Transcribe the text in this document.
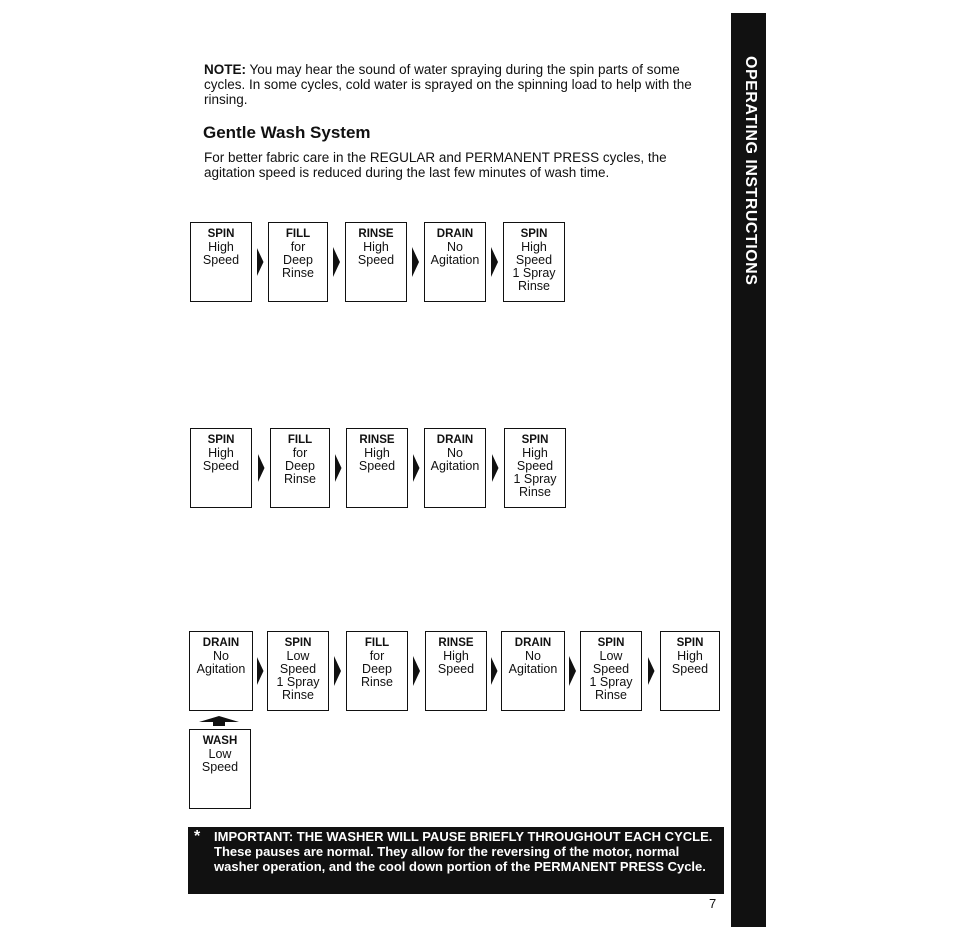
OPERATING INSTRUCTIONS
NOTE: You may hear the sound of water spraying during the spin parts of some cycles. In some cycles, cold water is sprayed on the spinning load to help with the rinsing.
Gentle Wash System
For better fabric care in the REGULAR and PERMANENT PRESS cycles, the agitation speed is reduced during the last few minutes of wash time.
SPIN
High
Speed
FILL
for
Deep
Rinse
RINSE
High
Speed
DRAIN
No
Agitation
SPIN
High
Speed
1 Spray
Rinse
SPIN
High
Speed
FILL
for
Deep
Rinse
RINSE
High
Speed
DRAIN
No
Agitation
SPIN
High
Speed
1 Spray
Rinse
DRAIN
No
Agitation
SPIN
Low
Speed
1 Spray
Rinse
FILL
for
Deep
Rinse
RINSE
High
Speed
DRAIN
No
Agitation
SPIN
Low
Speed
1 Spray
Rinse
SPIN
High
Speed
WASH
Low
Speed
* IMPORTANT: THE WASHER WILL PAUSE BRIEFLY THROUGHOUT EACH CYCLE. These pauses are normal. They allow for the reversing of the motor, normal washer operation, and the cool down portion of the PERMANENT PRESS Cycle.
7
